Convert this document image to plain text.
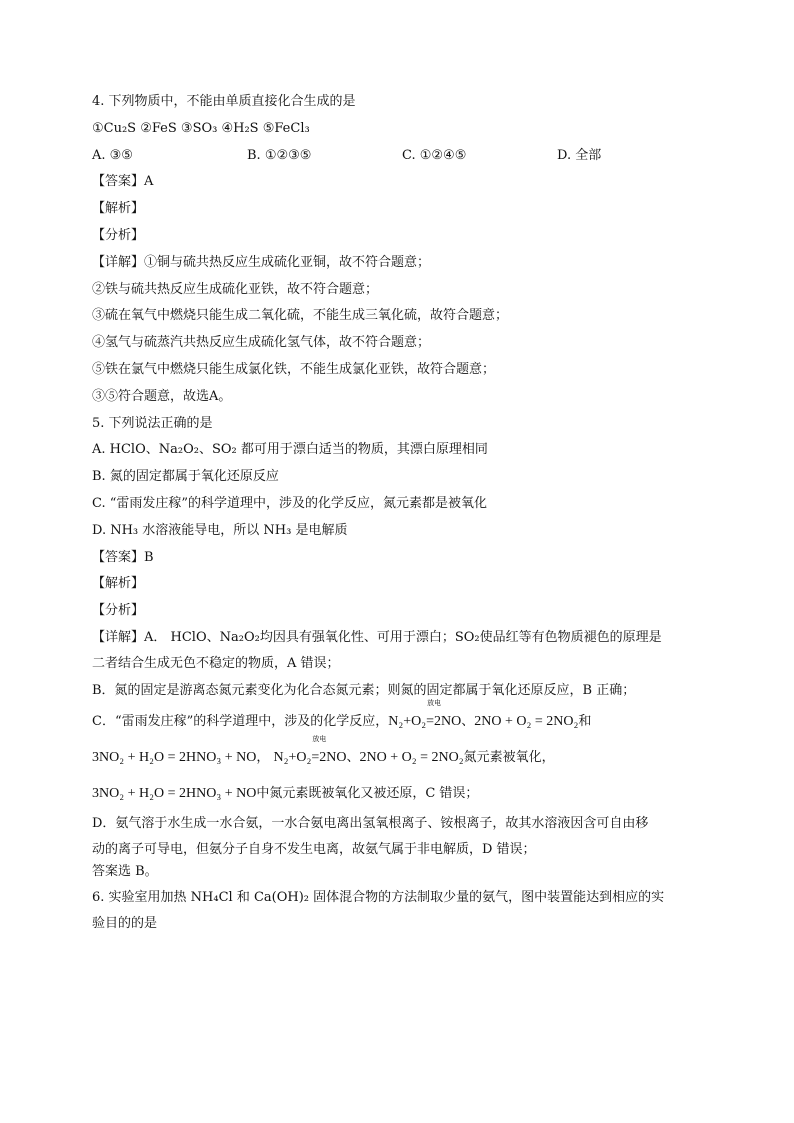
4. 下列物质中，不能由单质直接化合生成的是

①Cu₂S ②FeS ③SO₃ ④H₂S ⑤FeCl₃

A. ③⑤	B. ①②③⑤	C. ①②④⑤	D. 全部

【答案】A

【解析】

【分析】

【详解】①铜与硫共热反应生成硫化亚铜，故不符合题意；

②铁与硫共热反应生成硫化亚铁，故不符合题意；

③硫在氧气中燃烧只能生成二氧化硫，不能生成三氧化硫，故符合题意；

④氢气与硫蒸汽共热反应生成硫化氢气体，故不符合题意；

⑤铁在氯气中燃烧只能生成氯化铁，不能生成氯化亚铁，故符合题意；

③⑤符合题意，故选A。

5. 下列说法正确的是

A. HClO、Na₂O₂、SO₂ 都可用于漂白适当的物质，其漂白原理相同

B. 氮的固定都属于氧化还原反应

C. “雷雨发庄稼”的科学道理中，涉及的化学反应，氮元素都是被氧化

D. NH₃ 水溶液能导电，所以 NH₃ 是电解质

【答案】B

【解析】

【分析】

【详解】A． HClO、Na₂O₂均因具有强氧化性、可用于漂白；SO₂使品红等有色物质褪色的原理是

二者结合生成无色不稳定的物质，A 错误；

B．氮的固定是游离态氮元素变化为化合态氮元素；则氮的固定都属于氧化还原反应，B 正确；

C．“雷雨发庄稼”的科学道理中，涉及的化学反应，N₂+O₂
放电
=2NO、2NO + O₂ = 2NO₂和

3NO₂ + H₂O = 2HNO₃ + NO， N₂+O₂
放电
=2NO、2NO + O₂ = 2NO₂氮元素被氧化，

3NO₂ + H₂O = 2HNO₃ + NO中氮元素既被氧化又被还原，C 错误；

D．氨气溶于水生成一水合氨，一水合氨电离出氢氧根离子、铵根离子，故其水溶液因含可自由移

动的离子可导电，但氨分子自身不发生电离，故氨气属于非电解质，D 错误；

答案选 B。

6. 实验室用加热 NH₄Cl 和 Ca(OH)₂ 固体混合物的方法制取少量的氨气，图中装置能达到相应的实

验目的的是
